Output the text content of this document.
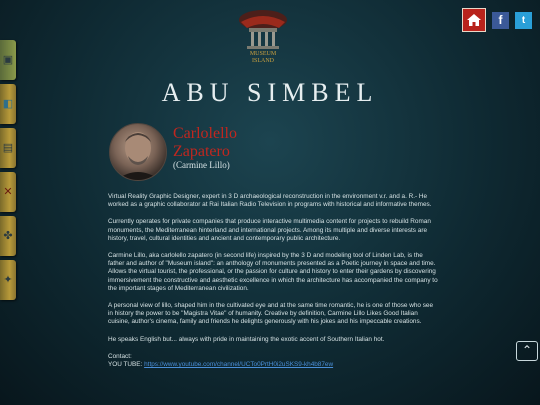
▣
◧
▤
✕
✤
✦
MUSEUM
ISLAND
f	t
ABU SIMBEL
Carlolello
Zapatero
(Carmine Lillo)

Virtual Reality Graphic Designer, expert in 3 D archaeological reconstruction in the environment v.r. and a. R.- He worked as a graphic collaborator at Rai Italian Radio Television in programs with historical and informative themes.

Currently operates for private companies that produce interactive multimedia content for projects to rebuild Roman monuments, the Mediterranean hinterland and international projects. Among its multiple and diverse interests are history, travel, cultural identities and ancient and contemporary public architecture.

Carmine Lillo, aka carlolello zapatero (in second life) inspired by the 3 D and modeling tool of Linden Lab, is the father and author of "Museum island": an anthology of monuments presented as a Poetic journey in space and time. Allows the virtual tourist, the professional, or the passion for culture and history to enter their gardens by discovering immersivement the constructive and aesthetic excellence in which the architecture has accompanied the company to the important stages of Mediterranean civilization.

A personal view of lillo, shaped him in the cultivated eye and at the same time romantic, he is one of those who see in history the power to be "Magistra Vitae" of humanity. Creative by definition, Carmine Lillo Likes Good Italian cuisine, author's cinema, family and friends he delights generously with his jokes and his impeccable creations.

He speaks English but... always with pride in maintaining the exotic accent of Southern Italian hot.

Contact:
YOU TUBE: https://www.youtube.com/channel/UCTo0PrtH0i2uSKS9-kh4b87ew
⌃
